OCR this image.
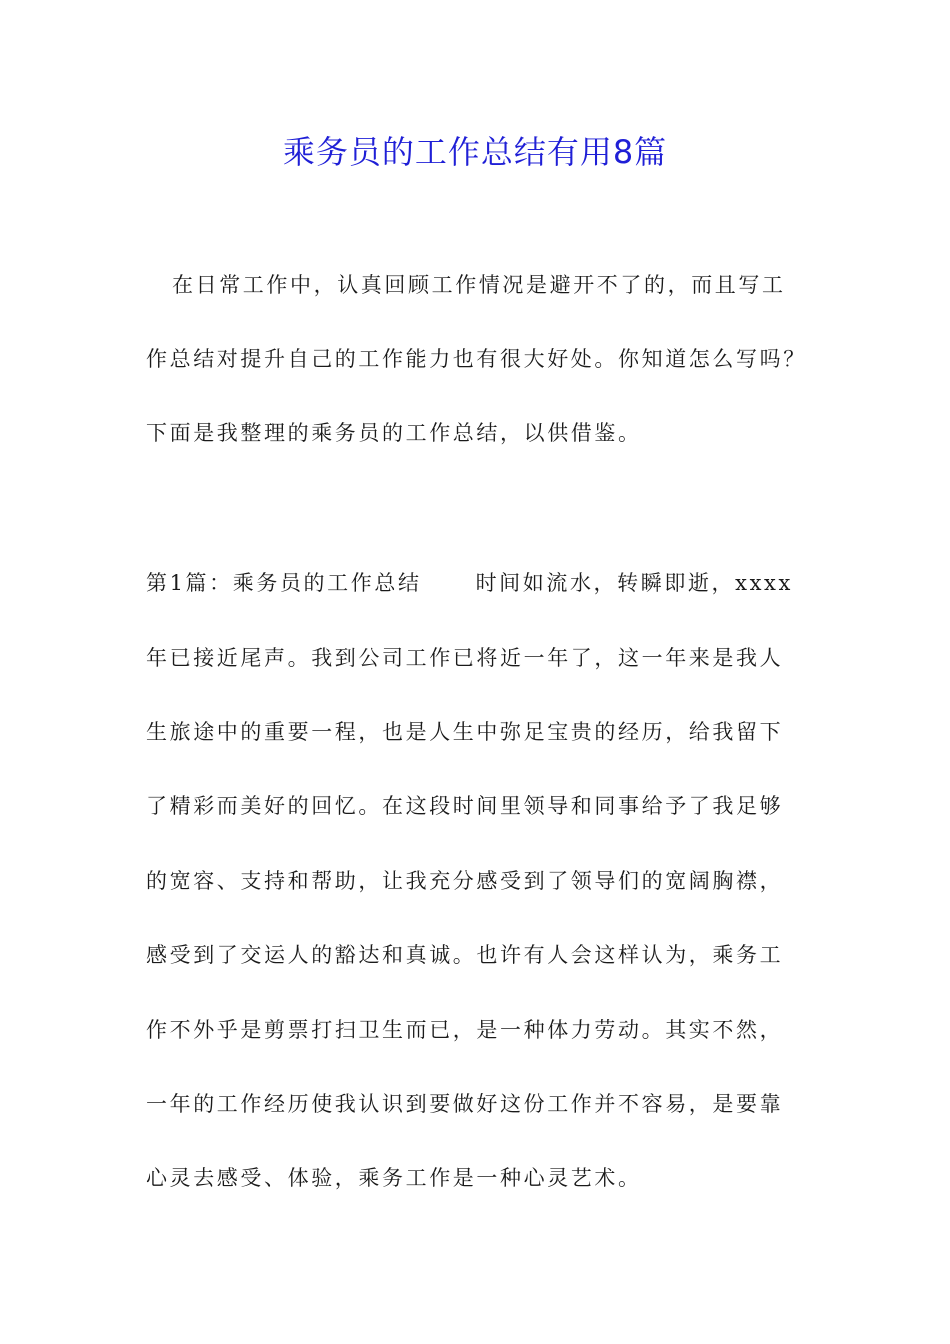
乘务员的工作总结有用8篇

在日常工作中，认真回顾工作情况是避开不了的，而且写工

作总结对提升自己的工作能力也有很大好处。你知道怎么写吗？

下面是我整理的乘务员的工作总结，以供借鉴。

第1篇：乘务员的工作总结	时间如流水，转瞬即逝，xxxx

年已接近尾声。我到公司工作已将近一年了，这一年来是我人

生旅途中的重要一程，也是人生中弥足宝贵的经历，给我留下

了精彩而美好的回忆。在这段时间里领导和同事给予了我足够

的宽容、支持和帮助，让我充分感受到了领导们的宽阔胸襟，

感受到了交运人的豁达和真诚。也许有人会这样认为，乘务工

作不外乎是剪票打扫卫生而已，是一种体力劳动。其实不然，

一年的工作经历使我认识到要做好这份工作并不容易，是要靠

心灵去感受、体验，乘务工作是一种心灵艺术。
